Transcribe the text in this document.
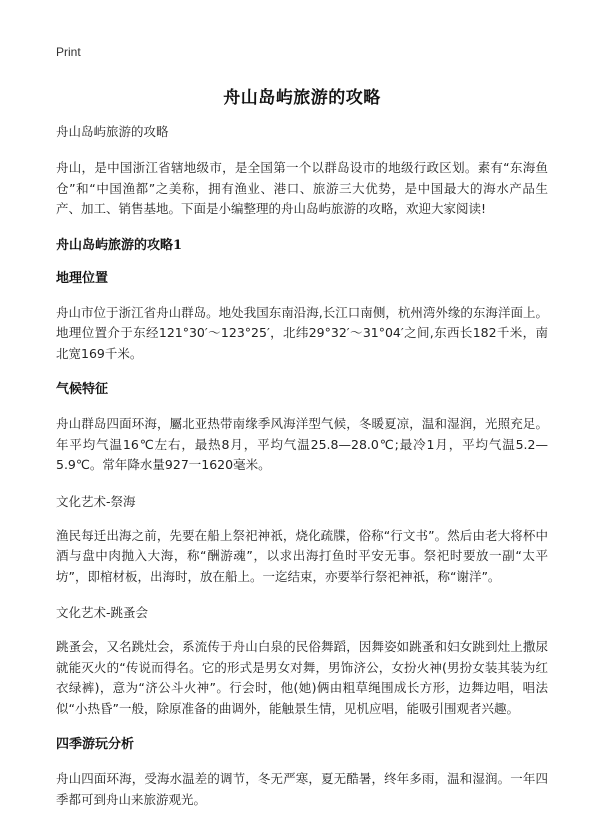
Print
舟山岛屿旅游的攻略
舟山岛屿旅游的攻略

舟山，是中国浙江省辖地级市，是全国第一个以群岛设市的地级行政区划。素有“东海鱼仓”和“中国渔都”之美称，拥有渔业、港口、旅游三大优势，是中国最大的海水产品生产、加工、销售基地。下面是小编整理的舟山岛屿旅游的攻略，欢迎大家阅读!

舟山岛屿旅游的攻略1
地理位置

舟山市位于浙江省舟山群岛。地处我国东南沿海,长江口南侧，杭州湾外缘的东海洋面上。地理位置介于东经121°30′～123°25′，北纬29°32′～31°04′之间,东西长182千米，南北宽169千米。

气候特征

舟山群岛四面环海，屬北亚热带南缘季风海洋型气候，冬暖夏凉，温和湿润，光照充足。年平均气温16℃左右，最热8月，平均气温25.8—28.0℃;最冷1月，平均气温5.2—5.9℃。常年降水量927一1620毫米。

文化艺术-祭海

渔民每迁出海之前，先要在船上祭祀神祇，烧化疏牒，俗称“行文书”。然后由老大将杯中酒与盘中肉抛入大海，称“酬游魂”，以求出海打鱼时平安无事。祭祀时要放一副“太平坊”，即棺材板，出海时，放在船上。一迄结束，亦要举行祭祀神祇，称“谢洋”。

文化艺术-跳蚤会

跳蚤会，又名跳灶会，系流传于舟山白泉的民俗舞蹈，因舞姿如跳蚤和妇女跳到灶上撒尿就能灭火的“传说而得名。它的形式是男女对舞，男饰济公，女扮火神(男扮女装其装为红衣绿裤)，意为“济公斗火神”。行会时，他(她)俩由粗草绳围成长方形，边舞边唱，唱法似“小热昏”一般，除原准备的曲调外，能触景生情，见机应唱，能吸引围观者兴趣。

四季游玩分析

舟山四面环海，受海水温差的调节，冬无严寒，夏无酷暑，终年多雨，温和湿润。一年四季都可到舟山来旅游观光。
